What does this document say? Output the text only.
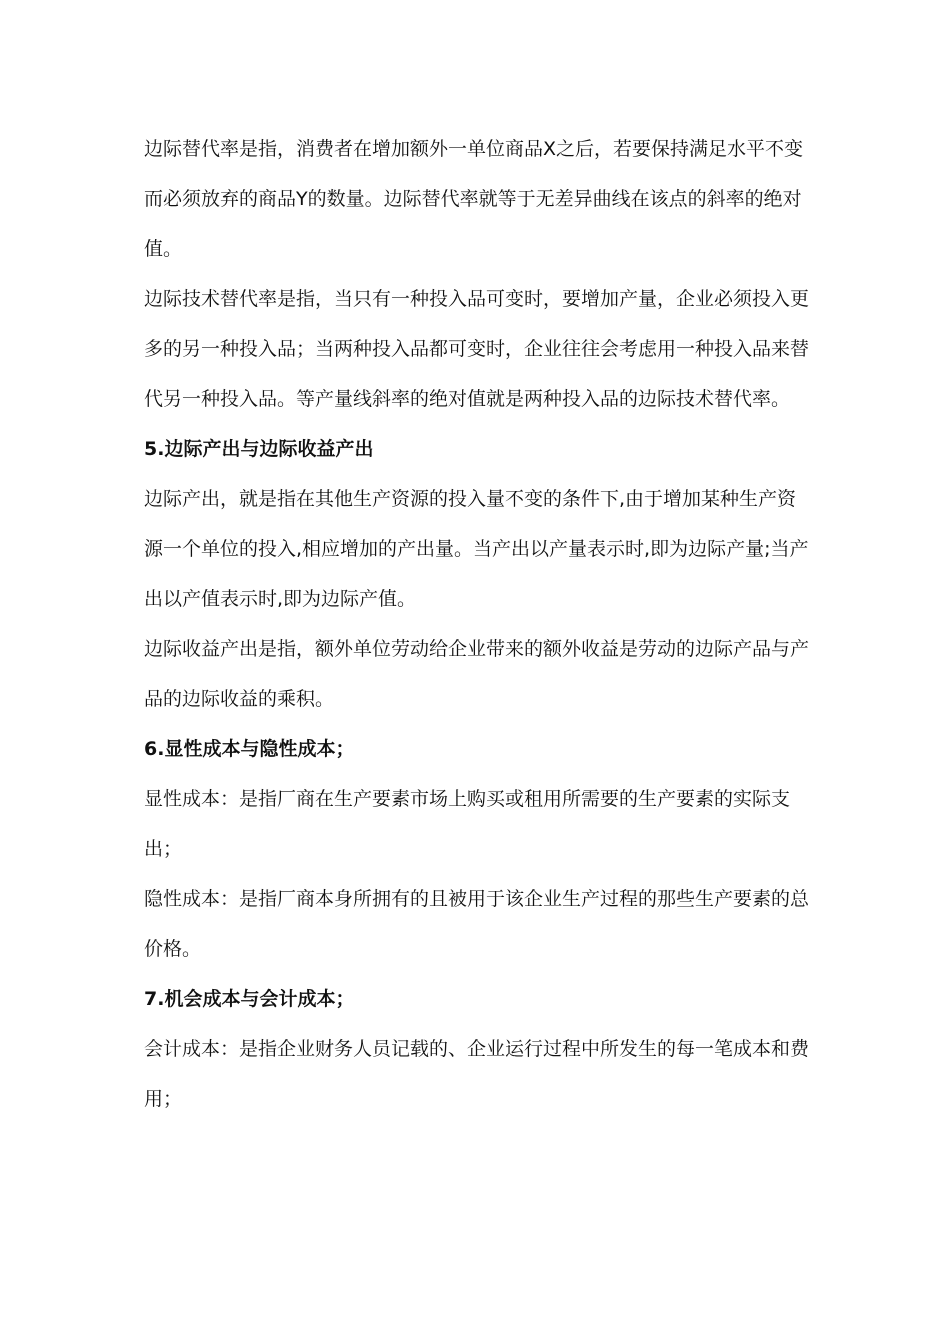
边际替代率是指，消费者在增加额外一单位商品X之后，若要保持满足水平不变而必须放弃的商品Y的数量。边际替代率就等于无差异曲线在该点的斜率的绝对值。

边际技术替代率是指，当只有一种投入品可变时，要增加产量，企业必须投入更多的另一种投入品；当两种投入品都可变时，企业往往会考虑用一种投入品来替代另一种投入品。等产量线斜率的绝对值就是两种投入品的边际技术替代率。

5.边际产出与边际收益产出

边际产出，就是指在其他生产资源的投入量不变的条件下,由于增加某种生产资源一个单位的投入,相应增加的产出量。当产出以产量表示时,即为边际产量;当产出以产值表示时,即为边际产值。

边际收益产出是指，额外单位劳动给企业带来的额外收益是劳动的边际产品与产品的边际收益的乘积。

6.显性成本与隐性成本；

显性成本：是指厂商在生产要素市场上购买或租用所需要的生产要素的实际支出；

隐性成本：是指厂商本身所拥有的且被用于该企业生产过程的那些生产要素的总价格。

7.机会成本与会计成本；

会计成本：是指企业财务人员记载的、企业运行过程中所发生的每一笔成本和费用；
